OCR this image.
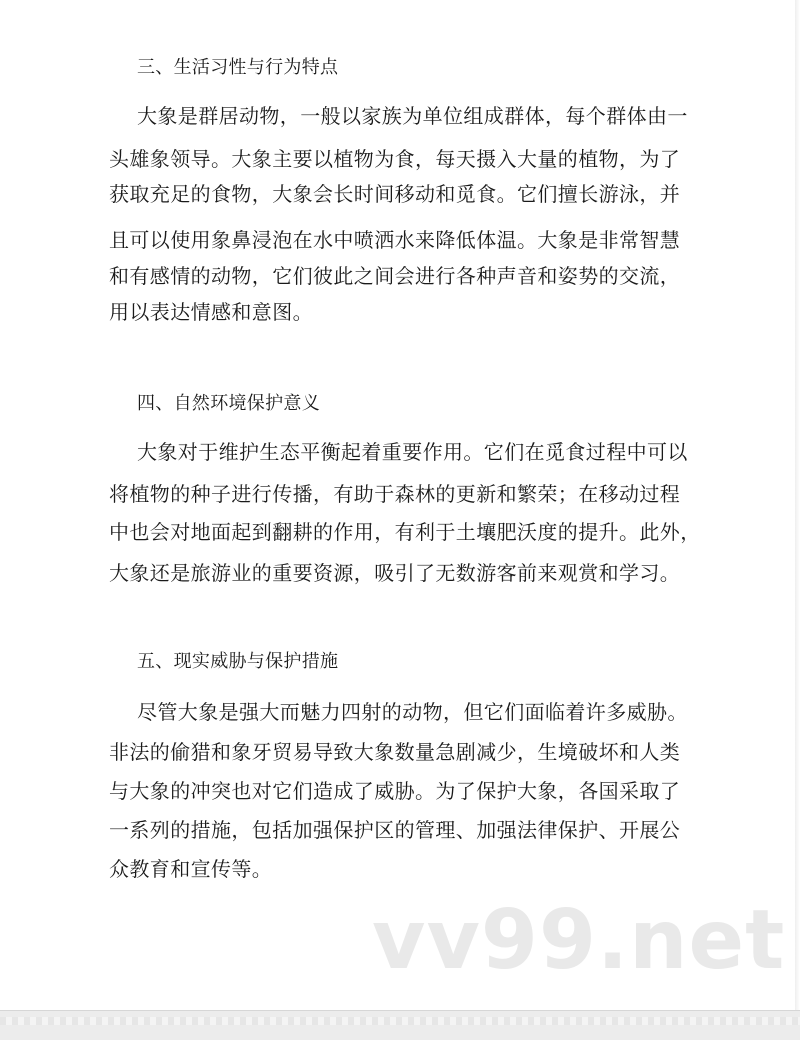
三、生活习性与行为特点
大象是群居动物，一般以家族为单位组成群体，每个群体由一
头雄象领导。大象主要以植物为食，每天摄入大量的植物，为了
获取充足的食物，大象会长时间移动和觅食。它们擅长游泳，并
且可以使用象鼻浸泡在水中喷洒水来降低体温。大象是非常智慧
和有感情的动物，它们彼此之间会进行各种声音和姿势的交流，
用以表达情感和意图。
四、自然环境保护意义
大象对于维护生态平衡起着重要作用。它们在觅食过程中可以
将植物的种子进行传播，有助于森林的更新和繁荣；在移动过程
中也会对地面起到翻耕的作用，有利于土壤肥沃度的提升。此外，
大象还是旅游业的重要资源，吸引了无数游客前来观赏和学习。
五、现实威胁与保护措施
尽管大象是强大而魅力四射的动物，但它们面临着许多威胁。
非法的偷猎和象牙贸易导致大象数量急剧减少，生境破坏和人类
与大象的冲突也对它们造成了威胁。为了保护大象，各国采取了
一系列的措施，包括加强保护区的管理、加强法律保护、开展公
众教育和宣传等。
vv99.net
